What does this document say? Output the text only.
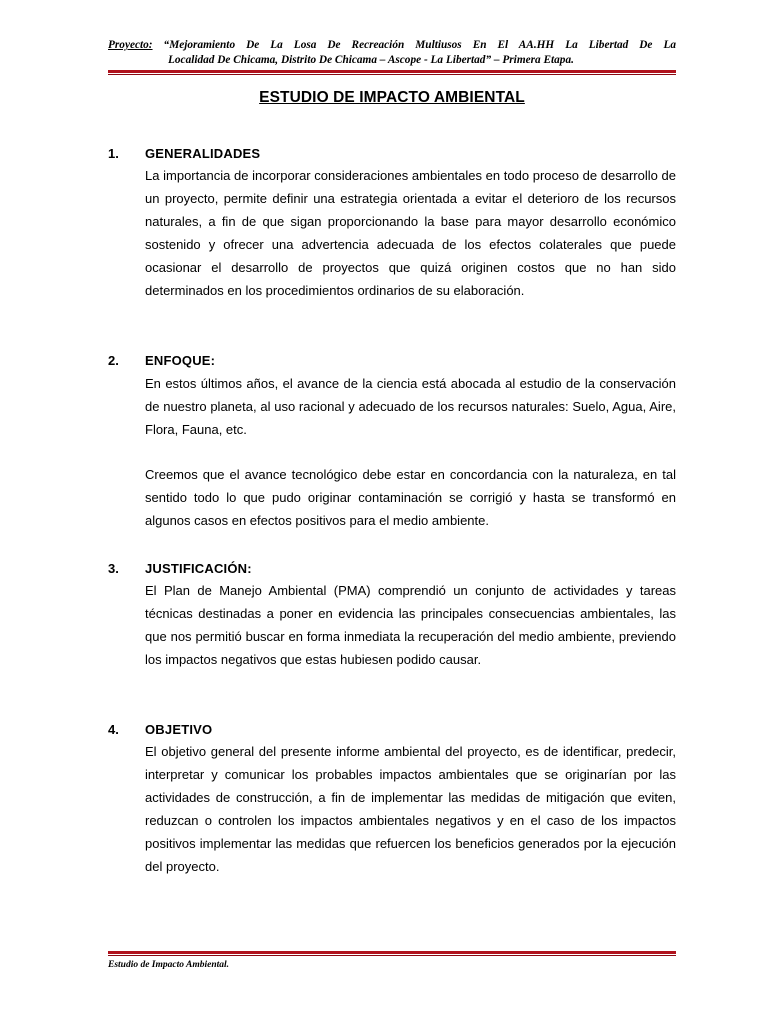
Proyecto: “Mejoramiento De La Losa De Recreación Multiusos En El AA.HH La Libertad De La
Localidad De Chicama, Distrito De Chicama – Ascope - La Libertad” – Primera Etapa.
ESTUDIO DE IMPACTO AMBIENTAL
1. GENERALIDADES

La importancia de incorporar consideraciones ambientales en todo proceso de desarrollo de un proyecto, permite definir una estrategia orientada a evitar el deterioro de los recursos naturales, a fin de que sigan proporcionando la base para mayor desarrollo económico sostenido y ofrecer una advertencia adecuada de los efectos colaterales que puede ocasionar el desarrollo de proyectos que quizá originen costos que no han sido determinados en los procedimientos ordinarios de su elaboración.

2. ENFOQUE:

En estos últimos años, el avance de la ciencia está abocada al estudio de la conservación de nuestro planeta, al uso racional y adecuado de los recursos naturales: Suelo, Agua, Aire, Flora, Fauna, etc.

Creemos que el avance tecnológico debe estar en concordancia con la naturaleza, en tal sentido todo lo que pudo originar contaminación se corrigió y hasta se transformó en algunos casos en efectos positivos para el medio ambiente.

3. JUSTIFICACIÓN:

El Plan de Manejo Ambiental (PMA) comprendió un conjunto de actividades y tareas técnicas destinadas a poner en evidencia las principales consecuencias ambientales, las que nos permitió buscar en forma inmediata la recuperación del medio ambiente, previendo los impactos negativos que estas hubiesen podido causar.

4. OBJETIVO

El objetivo general del presente informe ambiental del proyecto, es de identificar, predecir, interpretar y comunicar los probables impactos ambientales que se originarían por las actividades de construcción, a fin de implementar las medidas de mitigación que eviten, reduzcan o controlen los impactos ambientales negativos y en el caso de los impactos positivos implementar las medidas que refuercen los beneficios generados por la ejecución del proyecto.

Estudio de Impacto Ambiental.
